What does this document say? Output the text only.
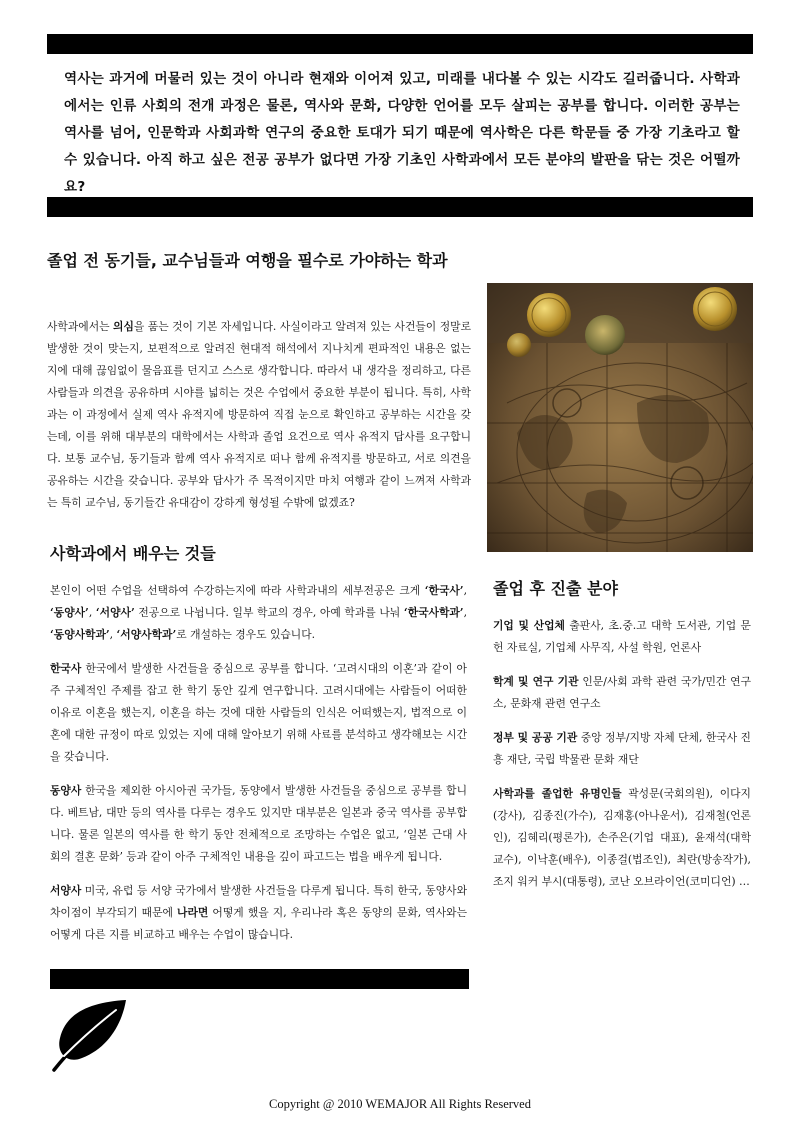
역사는 과거에 머물러 있는 것이 아니라 현재와 이어져 있고, 미래를 내다볼 수 있는 시각도 길러줍니다. 사학과에서는 인류 사회의 전개 과정은 물론, 역사와 문화, 다양한 언어를 모두 살피는 공부를 합니다. 이러한 공부는 역사를 넘어, 인문학과 사회과학 연구의 중요한 토대가 되기 때문에 역사학은 다른 학문들 중 가장 기초라고 할 수 있습니다. 아직 하고 싶은 전공 공부가 없다면 가장 기초인 사학과에서 모든 분야의 발판을 닦는 것은 어떨까요?
졸업 전 동기들, 교수님들과 여행을 필수로 가야하는 학과

사학과에서는 의심을 품는 것이 기본 자세입니다. 사실이라고 알려져 있는 사건들이 정말로 발생한 것이 맞는지, 보편적으로 알려진 현대적 해석에서 지나치게 편파적인 내용은 없는 지에 대해 끊임없이 물음표를 던지고 스스로 생각합니다. 따라서 내 생각을 정리하고, 다른 사람들과 의견을 공유하며 시야를 넓히는 것은 수업에서 중요한 부분이 됩니다. 특히, 사학과는 이 과정에서 실제 역사 유적지에 방문하여 직접 눈으로 확인하고 공부하는 시간을 갖는데, 이를 위해 대부분의 대학에서는 사학과 졸업 요건으로 역사 유적지 답사를 요구합니다. 보통 교수님, 동기들과 함께 역사 유적지로 떠나 함께 유적지를 방문하고, 서로 의견을 공유하는 시간을 갖습니다. 공부와 답사가 주 목적이지만 마치 여행과 같이 느껴져 사학과는 특히 교수님, 동기들간 유대감이 강하게 형성될 수밖에 없겠죠?

사학과에서 배우는 것들

본인이 어떤 수업을 선택하여 수강하는지에 따라 사학과내의 세부전공은 크게 ‘한국사’, ‘동양사’, ‘서양사’ 전공으로 나뉩니다. 일부 학교의 경우, 아예 학과를 나눠 ‘한국사학과’, ‘동양사학과’, ‘서양사학과’로 개설하는 경우도 있습니다.

한국사 한국에서 발생한 사건들을 중심으로 공부를 합니다. ‘고려시대의 이혼’과 같이 아주 구체적인 주제를 잡고 한 학기 동안 깊게 연구합니다. 고려시대에는 사람들이 어떠한 이유로 이혼을 했는지, 이혼을 하는 것에 대한 사람들의 인식은 어떠했는지, 법적으로 이혼에 대한 규정이 따로 있었는 지에 대해 알아보기 위해 사료를 분석하고 생각해보는 시간을 갖습니다.

동양사 한국을 제외한 아시아권 국가들, 동양에서 발생한 사건들을 중심으로 공부를 합니다. 베트남, 대만 등의 역사를 다루는 경우도 있지만 대부분은 일본과 중국 역사를 공부합니다. 물론 일본의 역사를 한 학기 동안 전체적으로 조망하는 수업은 없고, ‘일본 근대 사회의 결혼 문화’ 등과 같이 아주 구체적인 내용을 깊이 파고드는 법을 배우게 됩니다.

서양사 미국, 유럽 등 서양 국가에서 발생한 사건들을 다루게 됩니다. 특히 한국, 동양사와 차이점이 부각되기 때문에 나라면 어떻게 했을 지, 우리나라 혹은 동양의 문화, 역사와는 어떻게 다른 지를 비교하고 배우는 수업이 많습니다.

졸업 후 진출 분야

기업 및 산업체 출판사, 초.중.고 대학 도서관, 기업 문헌 자료실, 기업체 사무직, 사설 학원, 언론사

학계 및 연구 기관 인문/사회 과학 관련 국가/민간 연구소, 문화재 관련 연구소

정부 및 공공 기관 중앙 정부/지방 자체 단체, 한국사 진흥 재단, 국립 박물관 문화 재단

사학과를 졸업한 유명인들 곽성문(국회의원), 이다지(강사), 김종진(가수), 김재홍(아나운서), 김재철(언론인), 김혜리(평론가), 손주은(기업 대표), 윤재석(대학 교수), 이낙훈(배우), 이종걸(법조인), 최란(방송작가), 조지 워커 부시(대통령), 코난 오브라이언(코미디언) …

Copyright @ 2010 WEMAJOR All Rights Reserved
